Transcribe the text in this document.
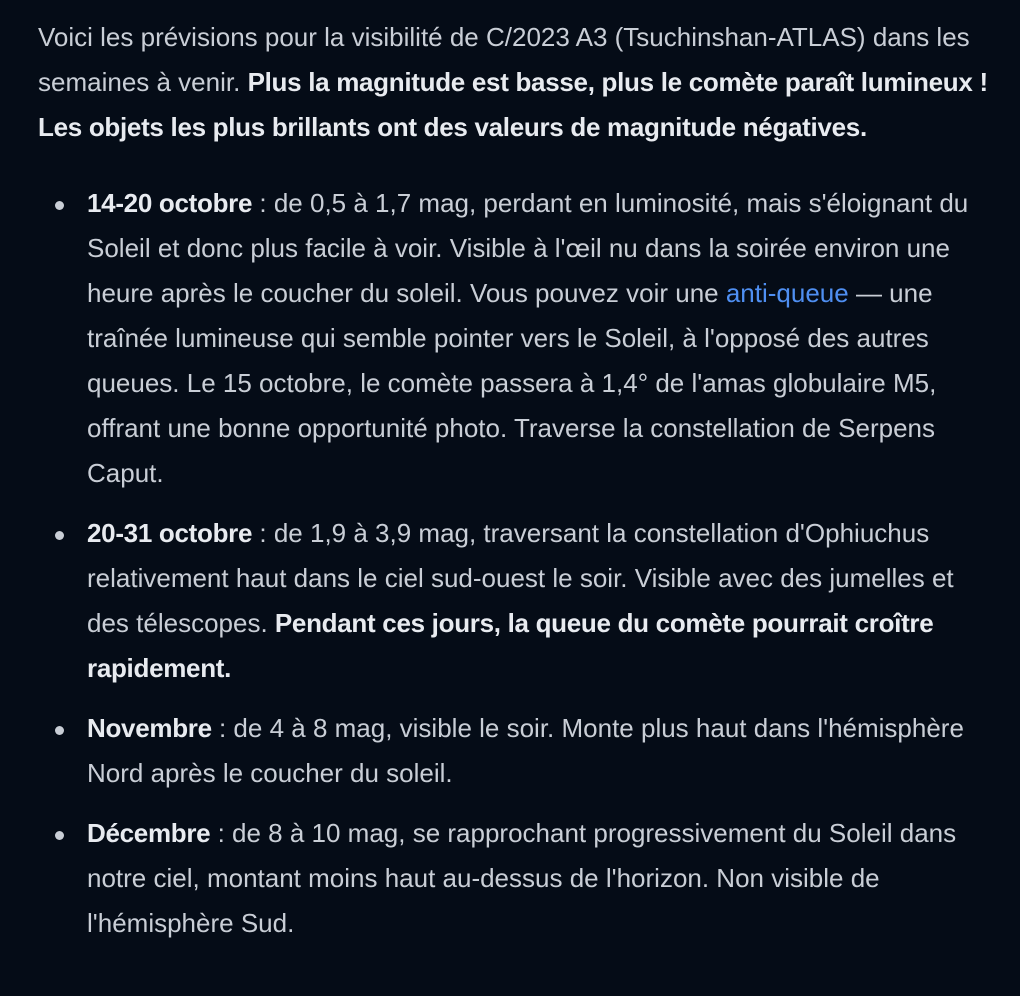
Voici les prévisions pour la visibilité de C/2023 A3 (Tsuchinshan-ATLAS) dans les semaines à venir. Plus la magnitude est basse, plus le comète paraît lumineux ! Les objets les plus brillants ont des valeurs de magnitude négatives.

14-20 octobre : de 0,5 à 1,7 mag, perdant en luminosité, mais s'éloignant du Soleil et donc plus facile à voir. Visible à l'œil nu dans la soirée environ une heure après le coucher du soleil. Vous pouvez voir une anti-queue — une traînée lumineuse qui semble pointer vers le Soleil, à l'opposé des autres queues. Le 15 octobre, le comète passera à 1,4° de l'amas globulaire M5, offrant une bonne opportunité photo. Traverse la constellation de Serpens Caput.
20-31 octobre : de 1,9 à 3,9 mag, traversant la constellation d'Ophiuchus relativement haut dans le ciel sud-ouest le soir. Visible avec des jumelles et des télescopes. Pendant ces jours, la queue du comète pourrait croître rapidement.
Novembre : de 4 à 8 mag, visible le soir. Monte plus haut dans l'hémisphère Nord après le coucher du soleil.
Décembre : de 8 à 10 mag, se rapprochant progressivement du Soleil dans notre ciel, montant moins haut au-dessus de l'horizon. Non visible de l'hémisphère Sud.
